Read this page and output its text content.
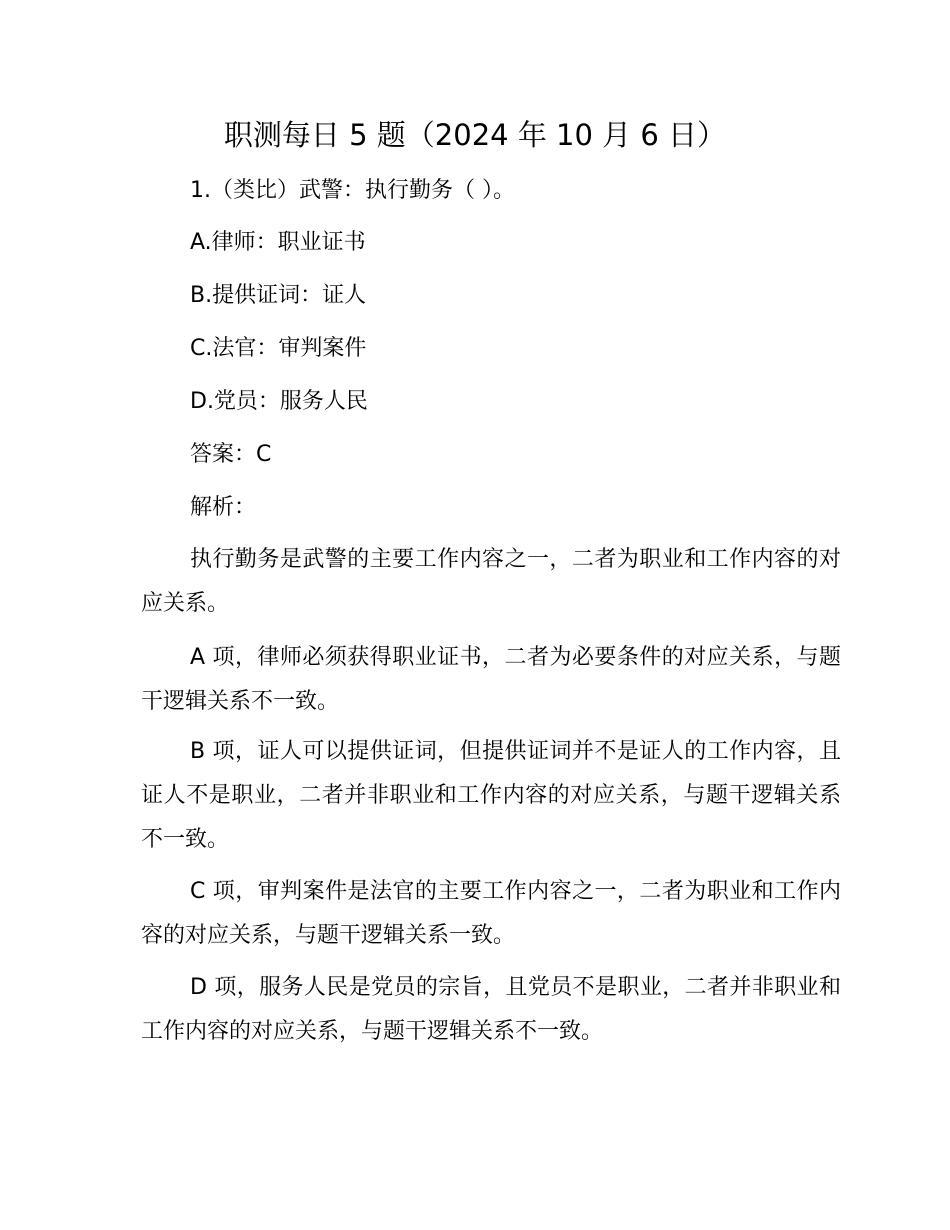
职测每日 5 题（2024 年 10 月 6 日）

1.（类比）武警：执行勤务（ ）。

A.律师：职业证书

B.提供证词：证人

C.法官：审判案件

D.党员：服务人民

答案：C

解析：

执行勤务是武警的主要工作内容之一，二者为职业和工作内容的对应关系。

A 项，律师必须获得职业证书，二者为必要条件的对应关系，与题干逻辑关系不一致。

B 项，证人可以提供证词，但提供证词并不是证人的工作内容，且证人不是职业，二者并非职业和工作内容的对应关系，与题干逻辑关系不一致。

C 项，审判案件是法官的主要工作内容之一，二者为职业和工作内容的对应关系，与题干逻辑关系一致。

D 项，服务人民是党员的宗旨，且党员不是职业，二者并非职业和工作内容的对应关系，与题干逻辑关系不一致。
